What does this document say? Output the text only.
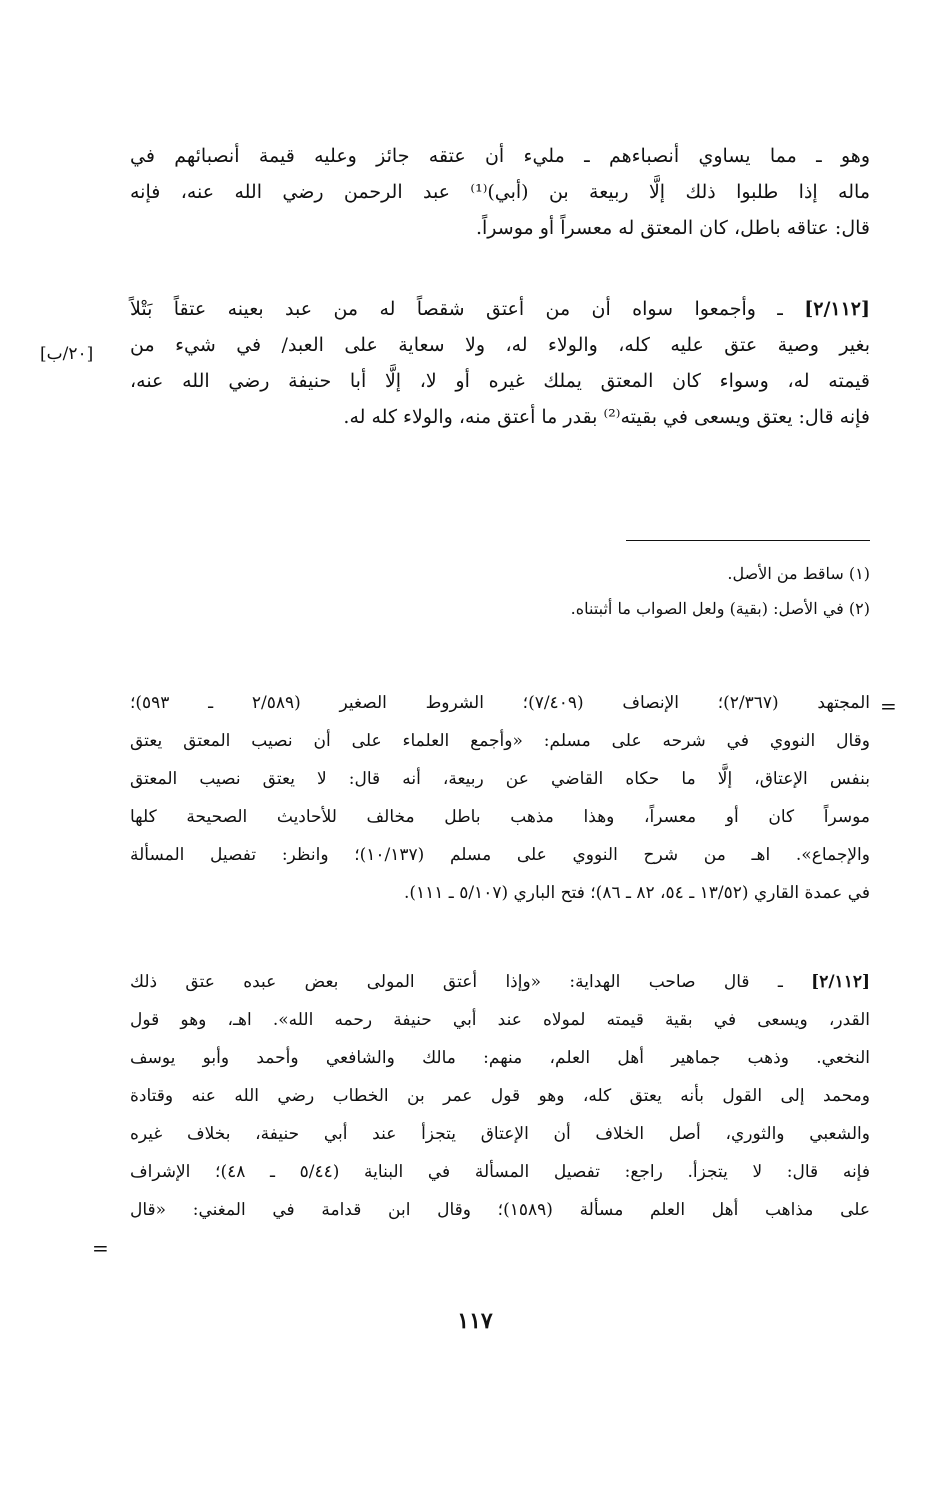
وهو ـ مما يساوي أنصباءهم ـ مليء أن عتقه جائز وعليه قيمة أنصبائهم في
ماله إذا طلبوا ذلك إلَّا ربيعة بن (أبي)⁽¹⁾ عبد الرحمن رضي الله عنه، فإنه
قال: عتاقه باطل، كان المعتق له معسراً أو موسراً.
[٢/١١٢] ـ وأجمعوا سواه أن من أعتق شقصاً له من عبد بعينه عتقاً بَتْلاً
بغير وصية عتق عليه كله، والولاء له، ولا سعاية على العبد/ في شيء من
قيمته له، وسواء كان المعتق يملك غيره أو لا، إلَّا أبا حنيفة رضي الله عنه،
فإنه قال: يعتق ويسعى في بقيته⁽²⁾ بقدر ما أعتق منه، والولاء كله له.
[٢٠/ب]
(١) ساقط من الأصل.
(٢) في الأصل: (بقية) ولعل الصواب ما أثبتناه.
=
المجتهد (٢/٣٦٧)؛ الإنصاف (٧/٤٠٩)؛ الشروط الصغير (٢/٥٨٩ ـ ٥٩٣)؛
وقال النووي في شرحه على مسلم: «وأجمع العلماء على أن نصيب المعتق يعتق
بنفس الإعتاق، إلَّا ما حكاه القاضي عن ربيعة، أنه قال: لا يعتق نصيب المعتق
موسراً كان أو معسراً، وهذا مذهب باطل مخالف للأحاديث الصحيحة كلها
والإجماع». اهـ من شرح النووي على مسلم (١٠/١٣٧)؛ وانظر: تفصيل المسألة
في عمدة القاري (١٣/٥٢ ـ ٥٤، ٨٢ ـ ٨٦)؛ فتح الباري (٥/١٠٧ ـ ١١١).
[٢/١١٢] ـ قال صاحب الهداية: «وإذا أعتق المولى بعض عبده عتق ذلك
القدر، ويسعى في بقية قيمته لمولاه عند أبي حنيفة رحمه الله». اهـ، وهو قول
النخعي. وذهب جماهير أهل العلم، منهم: مالك والشافعي وأحمد وأبو يوسف
ومحمد إلى القول بأنه يعتق كله، وهو قول عمر بن الخطاب رضي الله عنه وقتادة
والشعبي والثوري، أصل الخلاف أن الإعتاق يتجزأ عند أبي حنيفة، بخلاف غيره
فإنه قال: لا يتجزأ. راجع: تفصيل المسألة في البناية (٥/٤٤ ـ ٤٨)؛ الإشراف
على مذاهب أهل العلم مسألة (١٥٨٩)؛ وقال ابن قدامة في المغني: «قال
=
١١٧
